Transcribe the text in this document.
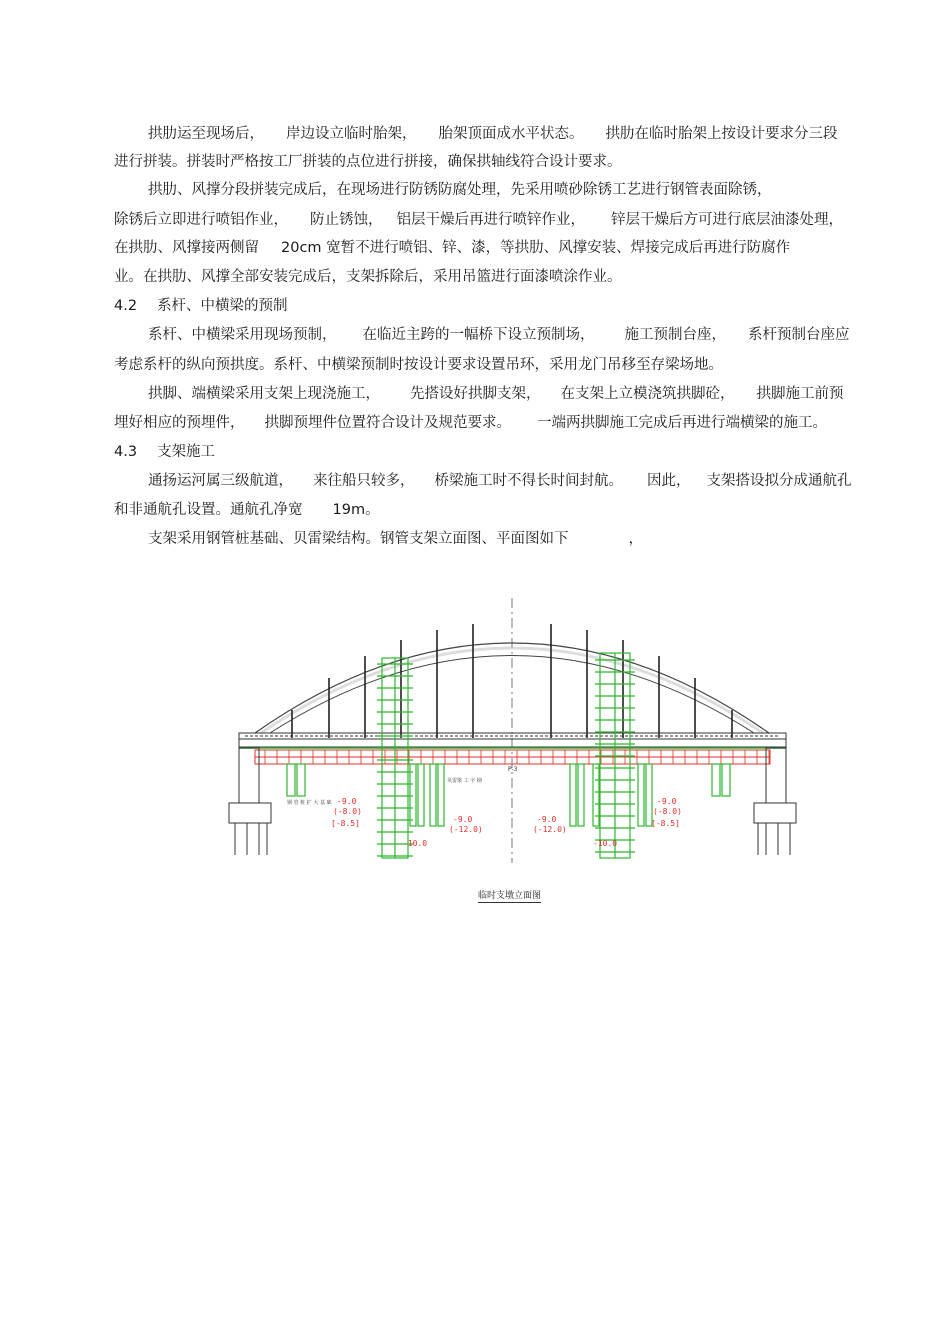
拱肋运至现场后， 岸边设立临时胎架， 胎架顶面成水平状态。 拱肋在临时胎架上按设计要求分三段
进行拼装。拼装时严格按工厂拼装的点位进行拼接，确保拱轴线符合设计要求。
拱肋、风撑分段拼装完成后，在现场进行防锈防腐处理，先采用喷砂除锈工艺进行钢管表面除锈，
除锈后立即进行喷铝作业， 防止锈蚀， 铝层干燥后再进行喷锌作业， 锌层干燥后方可进行底层油漆处理，
在拱肋、风撑接两侧留 20cm 宽暂不进行喷铝、锌、漆，等拱肋、风撑安装、焊接完成后再进行防腐作
业。在拱肋、风撑全部安装完成后，支架拆除后，采用吊篮进行面漆喷涂作业。
4.2 系杆、中横梁的预制
系杆、中横梁采用现场预制， 在临近主跨的一幅桥下设立预制场， 施工预制台座， 系杆预制台座应
考虑系杆的纵向预拱度。系杆、中横梁预制时按设计要求设置吊环，采用龙门吊移至存梁场地。
拱脚、端横梁采用支架上现浇施工， 先搭设好拱脚支架， 在支架上立模浇筑拱脚砼， 拱脚施工前预
埋好相应的预埋件， 拱脚预埋件位置符合设计及规范要求。 一端两拱脚施工完成后再进行端横梁的施工。
4.3 支架施工
通扬运河属三级航道， 来往船只较多， 桥梁施工时不得长时间封航。 因此， 支架搭设拟分成通航孔
和非通航孔设置。通航孔净宽 19m。
支架采用钢管桩基础、贝雷梁结构。钢管支架立面图、平面图如下	，
钢 管 桩 扩 大 基 础
贝雷梁 工 字 钢
P-3
-9.0
(-8.0)
[-8.5]	-9.0
(-12.0)
-9.0
(-12.0)
-9.0
(-8.0)
[-8.5]
-10.0	-10.0
临时支墩立面图
